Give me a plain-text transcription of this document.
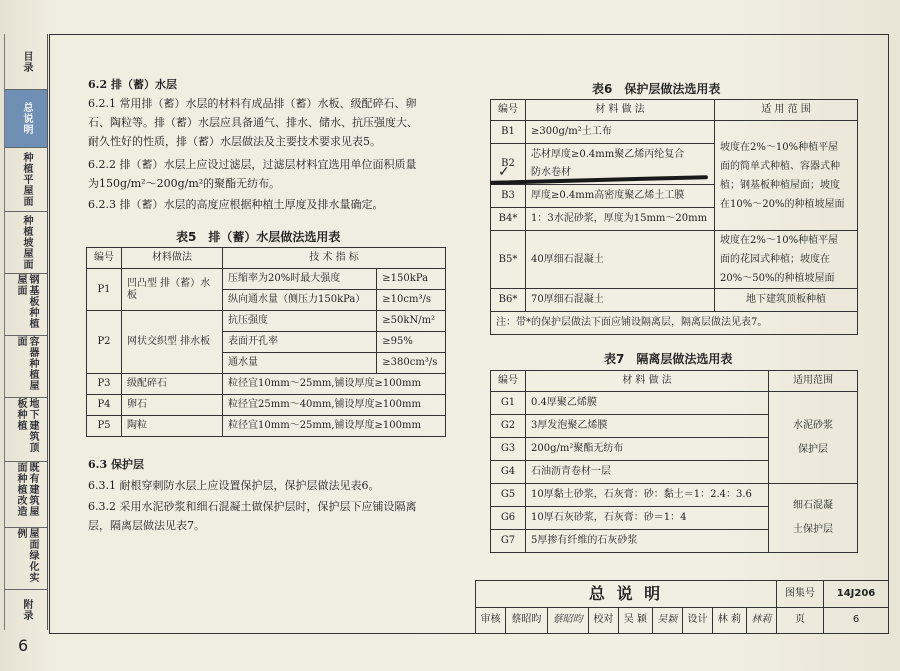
目录
总说明
种植平屋面
种植坡屋面
钢基板种植屋面
容器种植屋面
地下建筑顶板种植
既有建筑屋面种植改造
屋面绿化实例
附录
6
6.2 排（蓄）水层
6.2.1 常用排（蓄）水层的材料有成品排（蓄）水板、级配碎石、卵
石、陶粒等。排（蓄）水层应具备通气、排水、储水、抗压强度大、
耐久性好的性质，排（蓄）水层做法及主要技术要求见表5。
6.2.2 排（蓄）水层上应设过滤层，过滤层材料宜选用单位面积质量
为150g/m²～200g/m²的聚酯无纺布。
6.2.3 排（蓄）水层的高度应根据种植土厚度及排水量确定。
表5　排（蓄）水层做法选用表
编号	材料做法	技 术 指 标	
P1	凹凸型 排（蓄）水板	压缩率为20%时最大强度	≥150kPa
		纵向通水量（侧压力150kPa）	≥10cm³/s
P2	网状交织型 排水板	抗压强度	≥50kN/m²
		表面开孔率	≥95%
		通水量	≥380cm³/s
P3	级配碎石	粒径宜10mm～25mm,铺设厚度≥100mm	
P4	卵石	粒径宜25mm～40mm,铺设厚度≥100mm	
P5	陶粒	粒径宜10mm～25mm,铺设厚度≥100mm	
6.3 保护层
6.3.1 耐根穿刺防水层上应设置保护层，保护层做法见表6。
6.3.2 采用水泥砂浆和细石混凝土做保护层时，保护层下应铺设隔离
层，隔离层做法见表7。
表6　保护层做法选用表
编号	材 料 做 法	适 用 范 围
B1	≥300g/m²土工布	坡度在2%～10%种植平屋
面的简单式种植、容器式种
植；钢基板种植屋面；坡度
在10%～20%的种植坡屋面

B2	芯材厚度≥0.4mm聚乙烯丙纶复合
防水卷材	

B3	厚度≥0.4mm高密度聚乙烯土工膜	
B4*	1：3水泥砂浆，厚度为15mm～20mm	
B5*	40厚细石混凝土	坡度在2%～10%种植平屋
面的花园式种植；坡度在
20%～50%的种植坡屋面

B6*	70厚细石混凝土	地下建筑顶板种植
注：带*的保护层做法下面应铺设隔离层，隔离层做法见表7。		
✓
表7　隔离层做法选用表
编号	材 料 做 法	适用范围
G1	0.4厚聚乙烯膜	水泥砂浆
保护层

G2	3厚发泡聚乙烯膜	
G3	200g/m²聚酯无纺布	
G4	石油沥青卷材一层	
G5	10厚黏土砂浆，石灰膏：砂：黏土＝1：2.4：3.6	细石混凝
土保护层

G6	10厚石灰砂浆，石灰膏：砂＝1：4	
G7	5厚掺有纤维的石灰砂浆	
总 说 明									图集号	14J206
审核	蔡昭昀	蔡昭昀	校对	吴 颖	吴颖	设计	林 莉	林莉	页	6
